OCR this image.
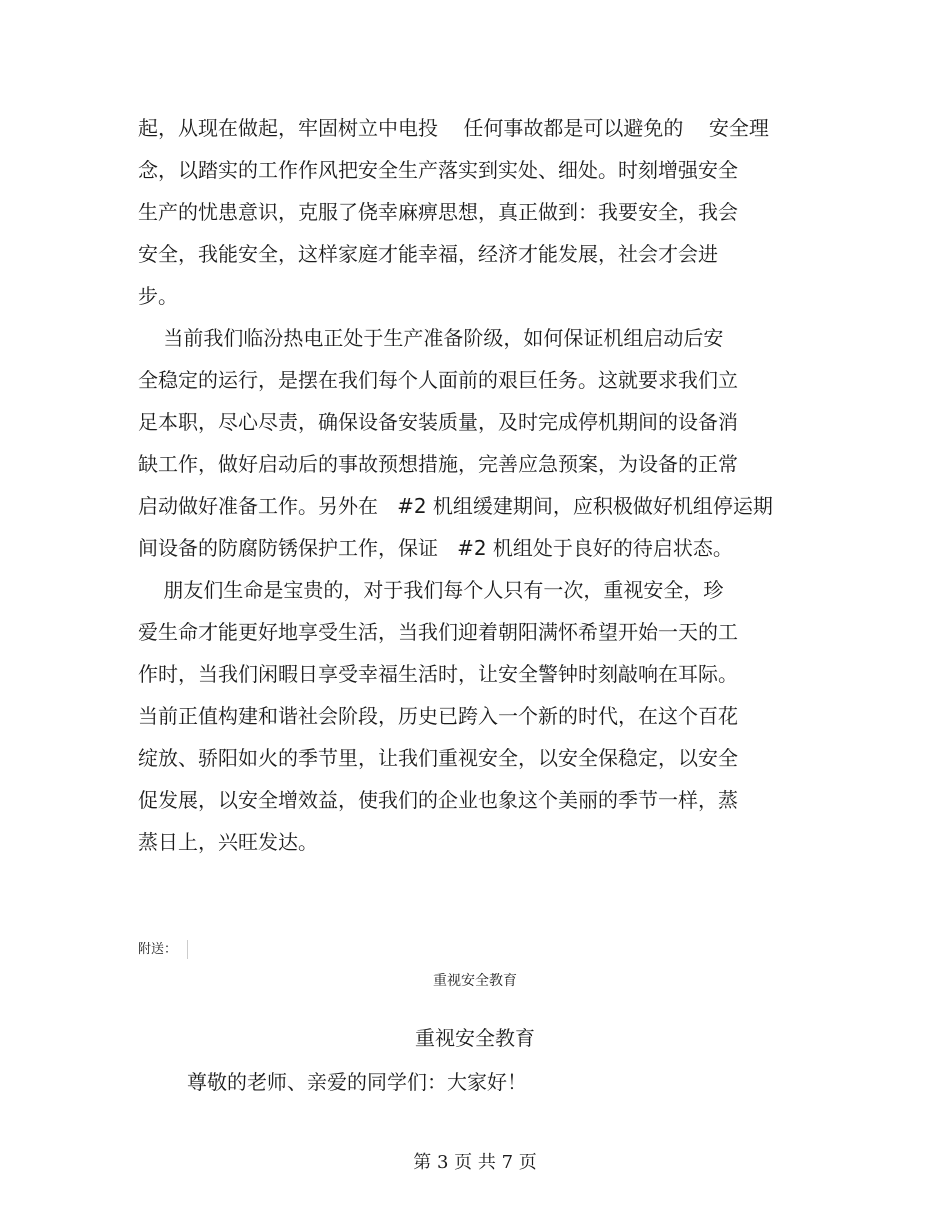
起，从现在做起，牢固树立中电投    任何事故都是可以避免的    安全理
念，以踏实的工作作风把安全生产落实到实处、细处。时刻增强安全
生产的忧患意识，克服了侥幸麻痹思想，真正做到：我要安全，我会
安全，我能安全，这样家庭才能幸福，经济才能发展，社会才会进
步。
当前我们临汾热电正处于生产准备阶级，如何保证机组启动后安
全稳定的运行，是摆在我们每个人面前的艰巨任务。这就要求我们立
足本职，尽心尽责，确保设备安装质量，及时完成停机期间的设备消
缺工作，做好启动后的事故预想措施，完善应急预案，为设备的正常
启动做好准备工作。另外在   #2 机组缓建期间，应积极做好机组停运期
间设备的防腐防锈保护工作，保证   #2 机组处于良好的待启状态。
朋友们生命是宝贵的，对于我们每个人只有一次，重视安全，珍
爱生命才能更好地享受生活，当我们迎着朝阳满怀希望开始一天的工
作时，当我们闲暇日享受幸福生活时，让安全警钟时刻敲响在耳际。
当前正值构建和谐社会阶段，历史已跨入一个新的时代，在这个百花
绽放、骄阳如火的季节里，让我们重视安全，以安全保稳定，以安全
促发展，以安全增效益，使我们的企业也象这个美丽的季节一样，蒸
蒸日上，兴旺发达。
附送：
重视安全教育
重视安全教育
尊敬的老师、亲爱的同学们：大家好！
第 3 页 共 7 页
